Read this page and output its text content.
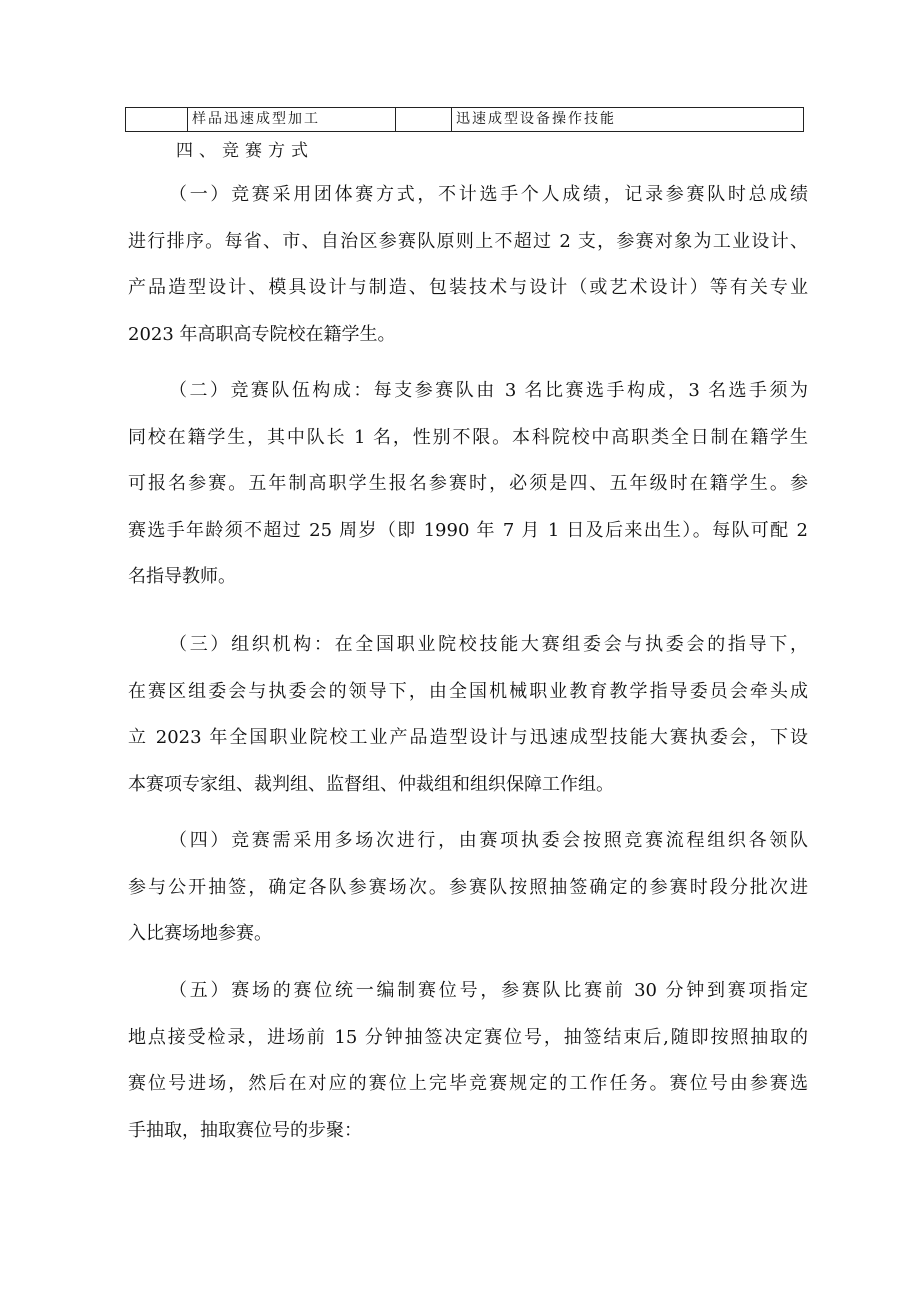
	样品迅速成型加工		迅速成型设备操作技能
四、竞赛方式

（一）竞赛采用团体赛方式，不计选手个人成绩，记录参赛队时总成绩
进行排序。每省、市、自治区参赛队原则上不超过 2 支，参赛对象为工业设计、
产品造型设计、模具设计与制造、包装技术与设计（或艺术设计）等有关专业
2023 年高职高专院校在籍学生。

（二）竞赛队伍构成：每支参赛队由 3 名比赛选手构成，3 名选手须为
同校在籍学生，其中队长 1 名，性别不限。本科院校中高职类全日制在籍学生
可报名参赛。五年制高职学生报名参赛时，必须是四、五年级时在籍学生。参
赛选手年龄须不超过 25 周岁（即 1990 年 7 月 1 日及后来出生）。每队可配 2
名指导教师。

（三）组织机构：在全国职业院校技能大赛组委会与执委会的指导下，
在赛区组委会与执委会的领导下，由全国机械职业教育教学指导委员会牵头成
立 2023 年全国职业院校工业产品造型设计与迅速成型技能大赛执委会，下设
本赛项专家组、裁判组、监督组、仲裁组和组织保障工作组。

（四）竞赛需采用多场次进行，由赛项执委会按照竞赛流程组织各领队
参与公开抽签，确定各队参赛场次。参赛队按照抽签确定的参赛时段分批次进
入比赛场地参赛。

（五）赛场的赛位统一编制赛位号，参赛队比赛前 30 分钟到赛项指定
地点接受检录，进场前 15 分钟抽签决定赛位号，抽签结束后,随即按照抽取的
赛位号进场，然后在对应的赛位上完毕竞赛规定的工作任务。赛位号由参赛选
手抽取，抽取赛位号的步聚：
